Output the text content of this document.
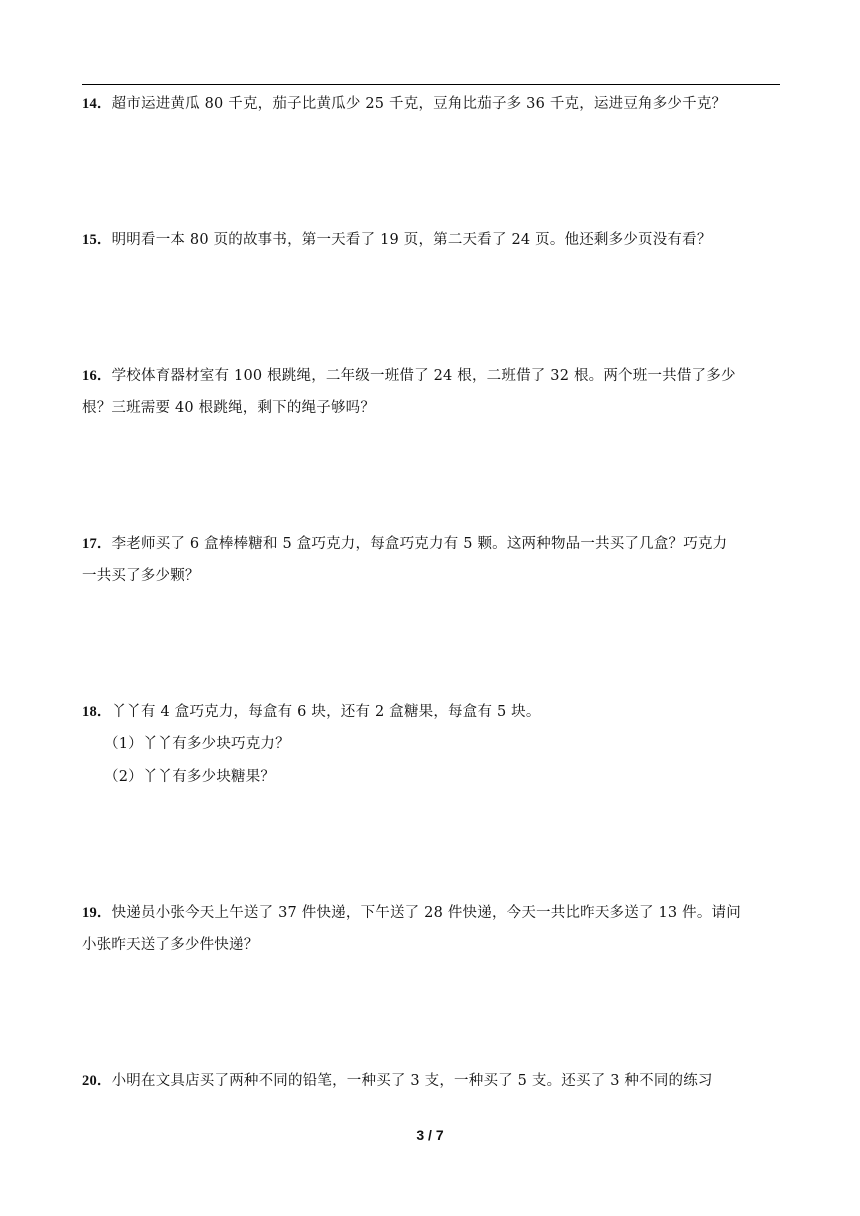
14．超市运进黄瓜 80 千克，茄子比黄瓜少 25 千克，豆角比茄子多 36 千克，运进豆角多少千克？
15．明明看一本 80 页的故事书，第一天看了 19 页，第二天看了 24 页。他还剩多少页没有看？
16．学校体育器材室有 100 根跳绳，二年级一班借了 24 根，二班借了 32 根。两个班一共借了多少
根？三班需要 40 根跳绳，剩下的绳子够吗？
17．李老师买了 6 盒棒棒糖和 5 盒巧克力，每盒巧克力有 5 颗。这两种物品一共买了几盒？巧克力
一共买了多少颗？
18．丫丫有 4 盒巧克力，每盒有 6 块，还有 2 盒糖果，每盒有 5 块。
（1）丫丫有多少块巧克力？
（2）丫丫有多少块糖果？
19．快递员小张今天上午送了 37 件快递，下午送了 28 件快递，今天一共比昨天多送了 13 件。请问
小张昨天送了多少件快递？
20．小明在文具店买了两种不同的铅笔，一种买了 3 支，一种买了 5 支。还买了 3 种不同的练习
3 / 7
